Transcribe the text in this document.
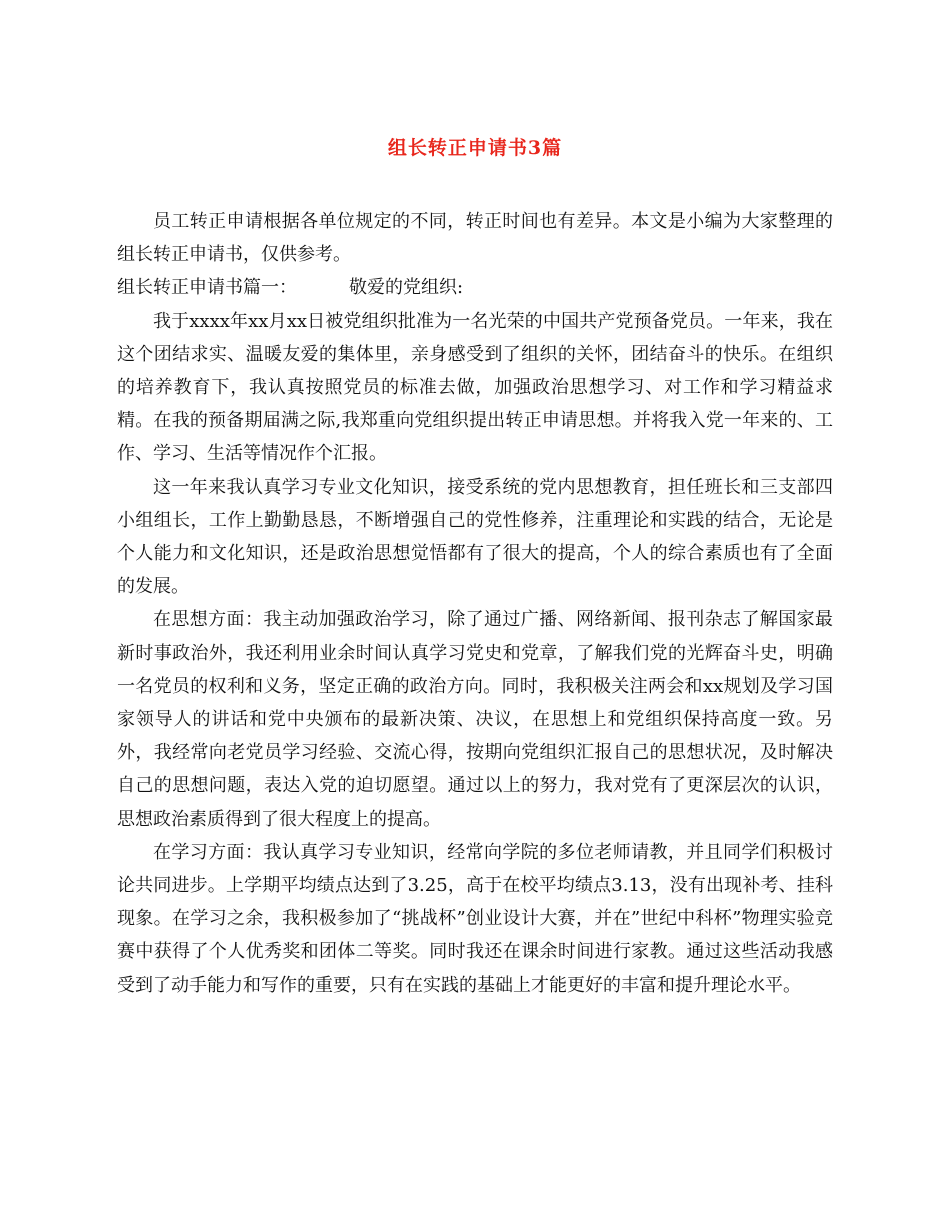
组长转正申请书3篇

员工转正申请根据各单位规定的不同，转正时间也有差异。本文是小编为大家整理的组长转正申请书，仅供参考。

组长转正申请书篇一：	敬爱的党组织:

我于xxxx年xx月xx日被党组织批准为一名光荣的中国共产党预备党员。一年来，我在这个团结求实、温暖友爱的集体里，亲身感受到了组织的关怀，团结奋斗的快乐。在组织的培养教育下，我认真按照党员的标准去做，加强政治思想学习、对工作和学习精益求精。在我的预备期届满之际,我郑重向党组织提出转正申请思想。并将我入党一年来的、工作、学习、生活等情况作个汇报。

这一年来我认真学习专业文化知识，接受系统的党内思想教育，担任班长和三支部四小组组长，工作上勤勤恳恳，不断增强自己的党性修养，注重理论和实践的结合，无论是个人能力和文化知识，还是政治思想觉悟都有了很大的提高，个人的综合素质也有了全面的发展。

在思想方面：我主动加强政治学习，除了通过广播、网络新闻、报刊杂志了解国家最新时事政治外，我还利用业余时间认真学习党史和党章，了解我们党的光辉奋斗史，明确一名党员的权利和义务，坚定正确的政治方向。同时，我积极关注两会和xx规划及学习国家领导人的讲话和党中央颁布的最新决策、决议，在思想上和党组织保持高度一致。另外，我经常向老党员学习经验、交流心得，按期向党组织汇报自己的思想状况，及时解决自己的思想问题，表达入党的迫切愿望。通过以上的努力，我对党有了更深层次的认识，思想政治素质得到了很大程度上的提高。

在学习方面：我认真学习专业知识，经常向学院的多位老师请教，并且同学们积极讨论共同进步。上学期平均绩点达到了3.25，高于在校平均绩点3.13，没有出现补考、挂科现象。在学习之余，我积极参加了“挑战杯”创业设计大赛，并在”世纪中科杯”物理实验竞赛中获得了个人优秀奖和团体二等奖。同时我还在课余时间进行家教。通过这些活动我感受到了动手能力和写作的重要，只有在实践的基础上才能更好的丰富和提升理论水平。
